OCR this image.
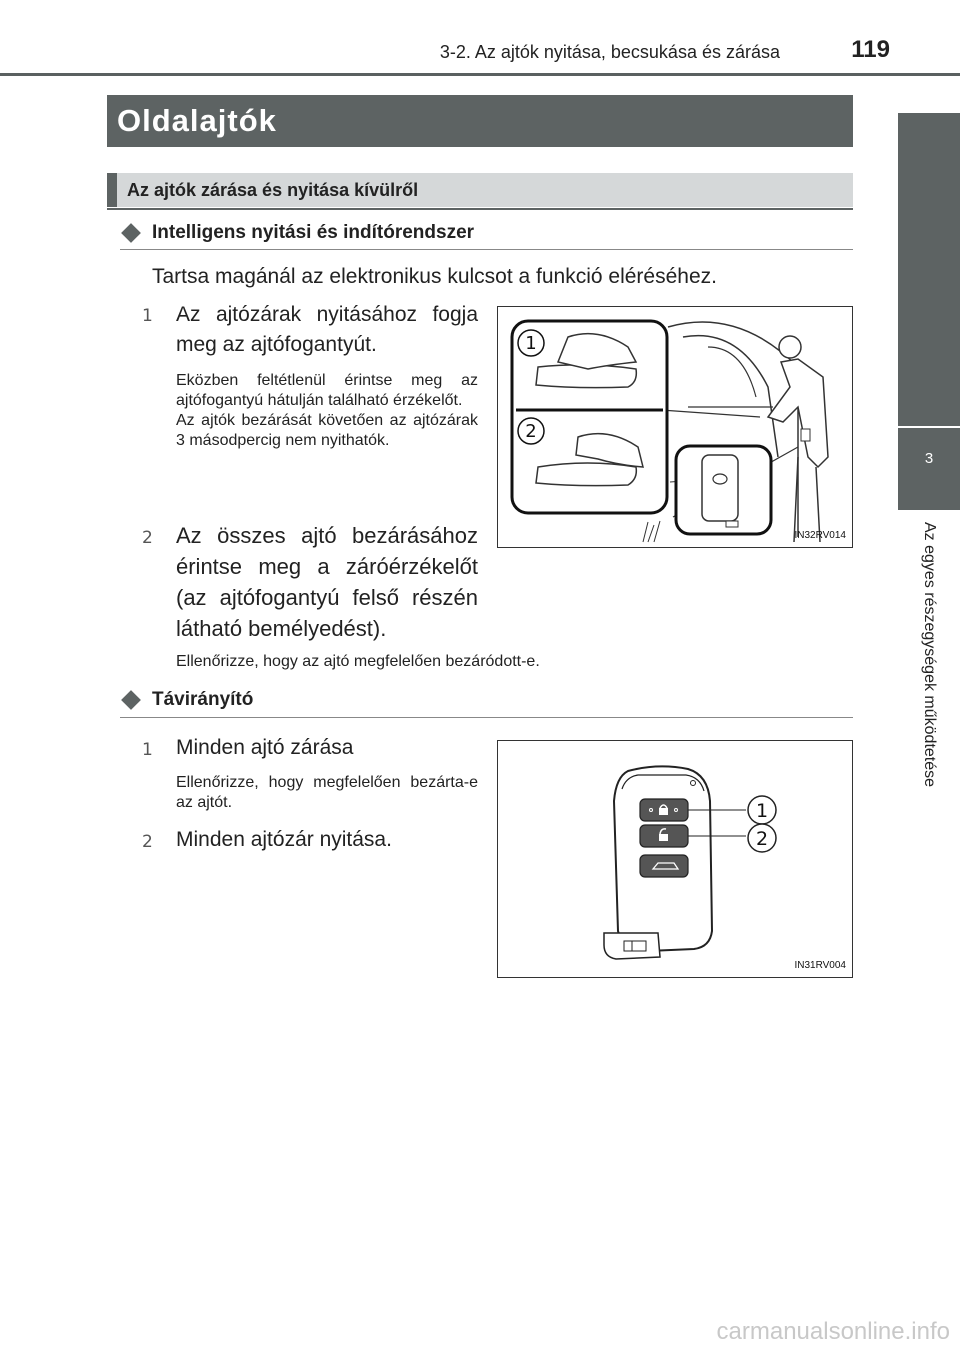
3-2. Az ajtók nyitása, becsukása és zárása	119
3
Az egyes részegységek működtetése
Oldalajtók
Az ajtók zárása és nyitása kívülről
Intelligens nyitási és indítórendszer
Tartsa magánál az elektronikus kulcsot a funkció eléréséhez.
1	Az ajtózárak nyitásához fogja meg az ajtófogantyút.
Eközben feltétlenül érintse meg az ajtófogantyú hátulján található érzékelőt.
Az ajtók bezárását követően az ajtózárak 3 másodpercig nem nyithatók.
2	Az összes ajtó bezárásához érintse meg a záróérzékelőt (az ajtófogantyú felső részén látható bemélyedést).
Ellenőrizze, hogy az ajtó megfelelően bezáródott-e.
1
2
IN32RV014
Távirányító
1	Minden ajtó zárása
Ellenőrizze, hogy megfelelően bezárta-e az ajtót.
2	Minden ajtózár nyitása.
1
2
IN31RV004
carmanualsonline.info
